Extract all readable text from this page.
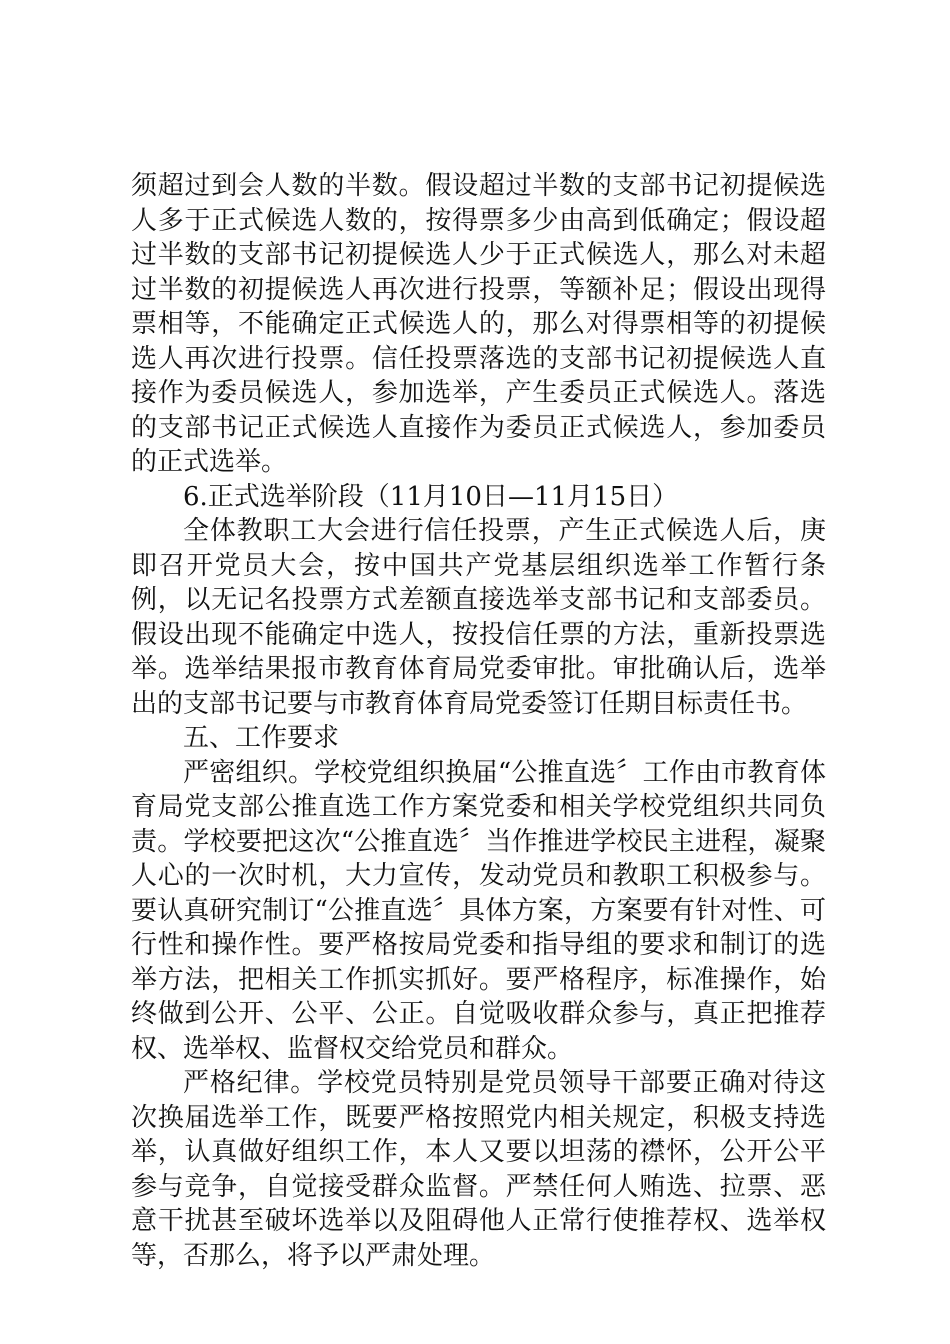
须超过到会人数的半数。假设超过半数的支部书记初提候选人多于正式候选人数的，按得票多少由高到低确定；假设超过半数的支部书记初提候选人少于正式候选人，那么对未超过半数的初提候选人再次进行投票，等额补足；假设出现得票相等，不能确定正式候选人的，那么对得票相等的初提候选人再次进行投票。信任投票落选的支部书记初提候选人直接作为委员候选人，参加选举，产生委员正式候选人。落选的支部书记正式候选人直接作为委员正式候选人，参加委员的正式选举。

6.正式选举阶段（11月10日—11月15日）

全体教职工大会进行信任投票，产生正式候选人后，庚即召开党员大会，按中国共产党基层组织选举工作暂行条例，以无记名投票方式差额直接选举支部书记和支部委员。假设出现不能确定中选人，按投信任票的方法，重新投票选举。选举结果报市教育体育局党委审批。审批确认后，选举出的支部书记要与市教育体育局党委签订任期目标责任书。

五、工作要求

严密组织。学校党组织换届“公推直选〞工作由市教育体育局党支部公推直选工作方案党委和相关学校党组织共同负责。学校要把这次“公推直选〞当作推进学校民主进程，凝聚人心的一次时机，大力宣传，发动党员和教职工积极参与。要认真研究制订“公推直选〞具体方案，方案要有针对性、可行性和操作性。要严格按局党委和指导组的要求和制订的选举方法，把相关工作抓实抓好。要严格程序，标准操作，始终做到公开、公平、公正。自觉吸收群众参与，真正把推荐权、选举权、监督权交给党员和群众。

严格纪律。学校党员特别是党员领导干部要正确对待这次换届选举工作，既要严格按照党内相关规定，积极支持选举，认真做好组织工作，本人又要以坦荡的襟怀，公开公平参与竞争，自觉接受群众监督。严禁任何人贿选、拉票、恶意干扰甚至破坏选举以及阻碍他人正常行使推荐权、选举权等，否那么，将予以严肃处理。
